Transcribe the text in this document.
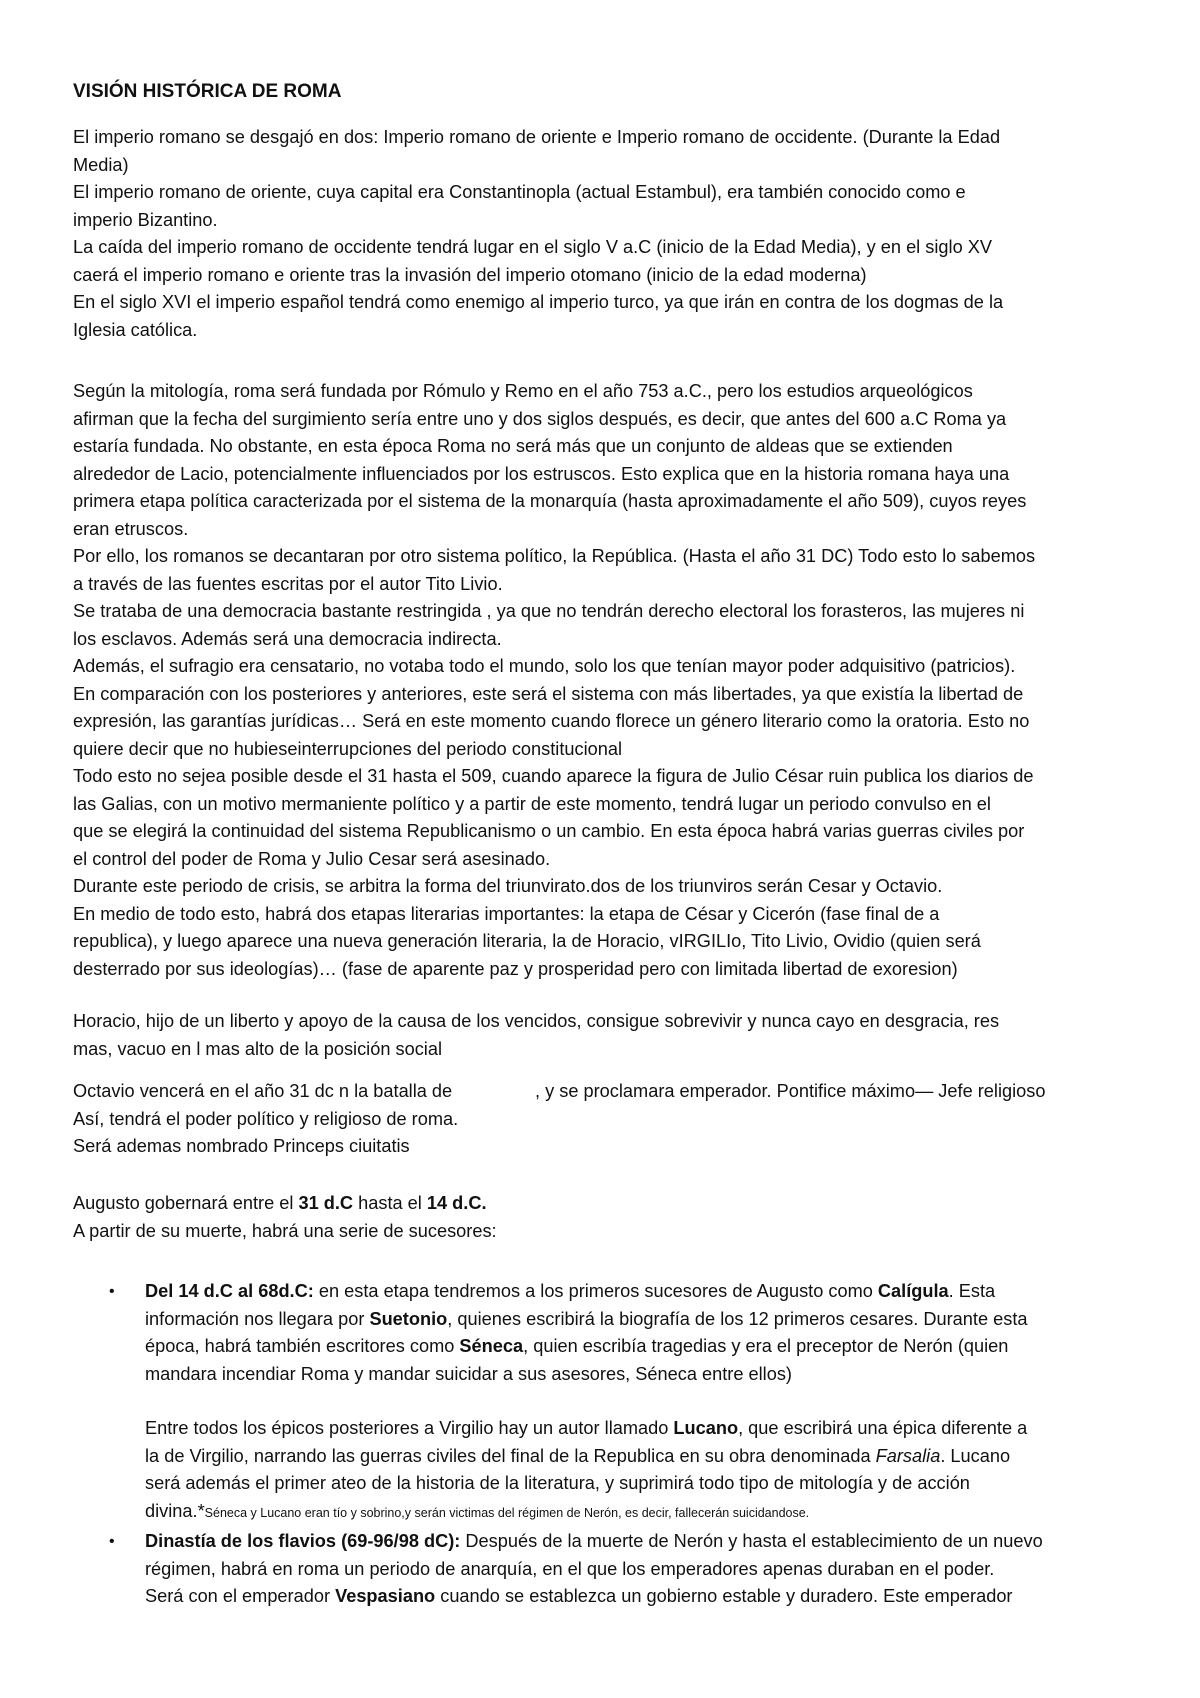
VISIÓN HISTÓRICA DE ROMA
El imperio romano se desgajó en dos: Imperio romano de oriente e Imperio romano de occidente. (Durante la Edad
Media)
El imperio romano de oriente, cuya capital era Constantinopla (actual Estambul), era también conocido como e
imperio Bizantino.
La caída del imperio romano de occidente tendrá lugar en el siglo V a.C (inicio de la Edad Media), y en el siglo XV
caerá el imperio romano e oriente tras la invasión del imperio otomano (inicio de la edad moderna)
En el siglo XVI el imperio español tendrá como enemigo al imperio turco, ya que irán en contra de los dogmas de la
Iglesia católica.
Según la mitología, roma será fundada por Rómulo y Remo en el año 753 a.C., pero los estudios arqueológicos
afirman que la fecha del surgimiento sería entre uno y dos siglos después, es decir, que antes del 600 a.C Roma ya
estaría fundada. No obstante, en esta época Roma no será más que un conjunto de aldeas que se extienden
alrededor de Lacio, potencialmente influenciados por los estruscos. Esto explica que en la historia romana haya una
primera etapa política caracterizada por el sistema de la monarquía (hasta aproximadamente el año 509), cuyos reyes
eran etruscos.
Por ello, los romanos se decantaran por otro sistema político, la República. (Hasta el año 31 DC) Todo esto lo sabemos
a través de las fuentes escritas por el autor Tito Livio.
Se trataba de una democracia bastante restringida , ya que no tendrán derecho electoral los forasteros, las mujeres ni
los esclavos. Además será una democracia indirecta.
Además, el sufragio era censatario, no votaba todo el mundo, solo los que tenían mayor poder adquisitivo (patricios).
En comparación con los posteriores y anteriores, este será el sistema con más libertades, ya que existía la libertad de
expresión, las garantías jurídicas… Será en este momento cuando florece un género literario como la oratoria. Esto no
quiere decir que no hubieseinterrupciones del periodo constitucional
Todo esto no sejea posible desde el 31 hasta el 509, cuando aparece la figura de Julio César ruin publica los diarios de
las Galias, con un motivo mermaniente político y a partir de este momento, tendrá lugar un periodo convulso en el
que se elegirá la continuidad del sistema Republicanismo o un cambio. En esta época habrá varias guerras civiles por
el control del poder de Roma y Julio Cesar será asesinado.
Durante este periodo de crisis, se arbitra la forma del triunvirato.dos de los triunviros serán Cesar y Octavio.
En medio de todo esto, habrá dos etapas literarias importantes: la etapa de César y Cicerón (fase final de a
republica), y luego aparece una nueva generación literaria, la de Horacio, vIRGILIo, Tito Livio, Ovidio (quien será
desterrado por sus ideologías)… (fase de aparente paz y prosperidad pero con limitada libertad de exoresion)
Horacio, hijo de un liberto y apoyo de la causa de los vencidos, consigue sobrevivir y nunca cayo en desgracia, res
mas, vacuo en l mas alto de la posición social
Octavio vencerá en el año 31 dc n la batalla de	, y se proclamara emperador. Pontifice máximo— Jefe religioso
Así, tendrá el poder político y religioso de roma.
Será ademas nombrado Princeps ciuitatis
Augusto gobernará entre el 31 d.C hasta el 14 d.C.
A partir de su muerte, habrá una serie de sucesores:
• Del 14 d.C al 68d.C: en esta etapa tendremos a los primeros sucesores de Augusto como Calígula. Esta
información nos llegara por Suetonio, quienes escribirá la biografía de los 12 primeros cesares. Durante esta
época, habrá también escritores como Séneca, quien escribía tragedias y era el preceptor de Nerón (quien
mandara incendiar Roma y mandar suicidar a sus asesores, Séneca entre ellos)
Entre todos los épicos posteriores a Virgilio hay un autor llamado Lucano, que escribirá una épica diferente a
la de Virgilio, narrando las guerras civiles del final de la Republica en su obra denominada Farsalia. Lucano
será además el primer ateo de la historia de la literatura, y suprimirá todo tipo de mitología y de acción
divina.*Séneca y Lucano eran tío y sobrino,y serán victimas del régimen de Nerón, es decir, fallecerán suicidandose.
• Dinastía de los flavios (69-96/98 dC): Después de la muerte de Nerón y hasta el establecimiento de un nuevo
régimen, habrá en roma un periodo de anarquía, en el que los emperadores apenas duraban en el poder.
Será con el emperador Vespasiano cuando se establezca un gobierno estable y duradero. Este emperador
